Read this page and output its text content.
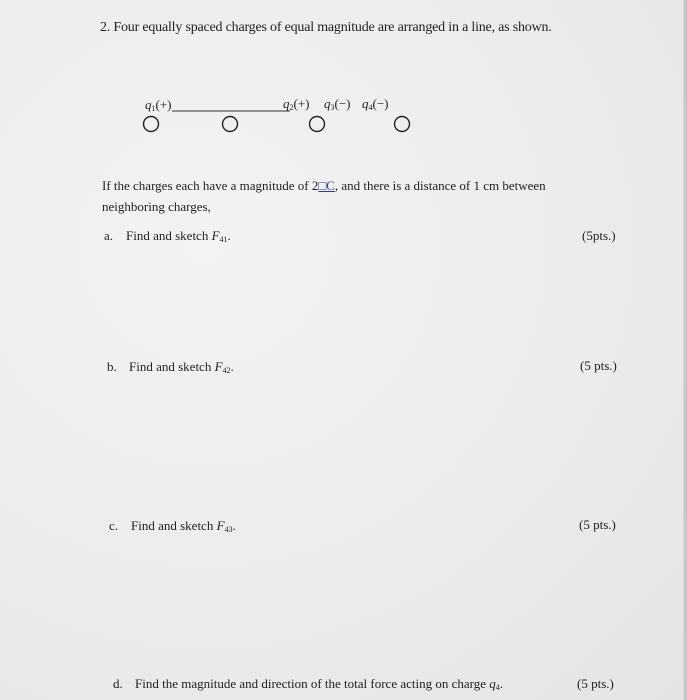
2. Four equally spaced charges of equal magnitude are arranged in a line, as shown.
$q_1(+)$	$q_2(+)$ $q_3(-)$ $q_4(-)$
If the charges each have a magnitude of 2□C, and there is a distance of 1 cm between neighboring charges,
a. Find and sketch $F_{41}$.	(5pts.)
b. Find and sketch $F_{42}$.	(5 pts.)
c. Find and sketch $F_{43}$.	(5 pts.)
d. Find the magnitude and direction of the total force acting on charge $q_4$.	(5 pts.)
